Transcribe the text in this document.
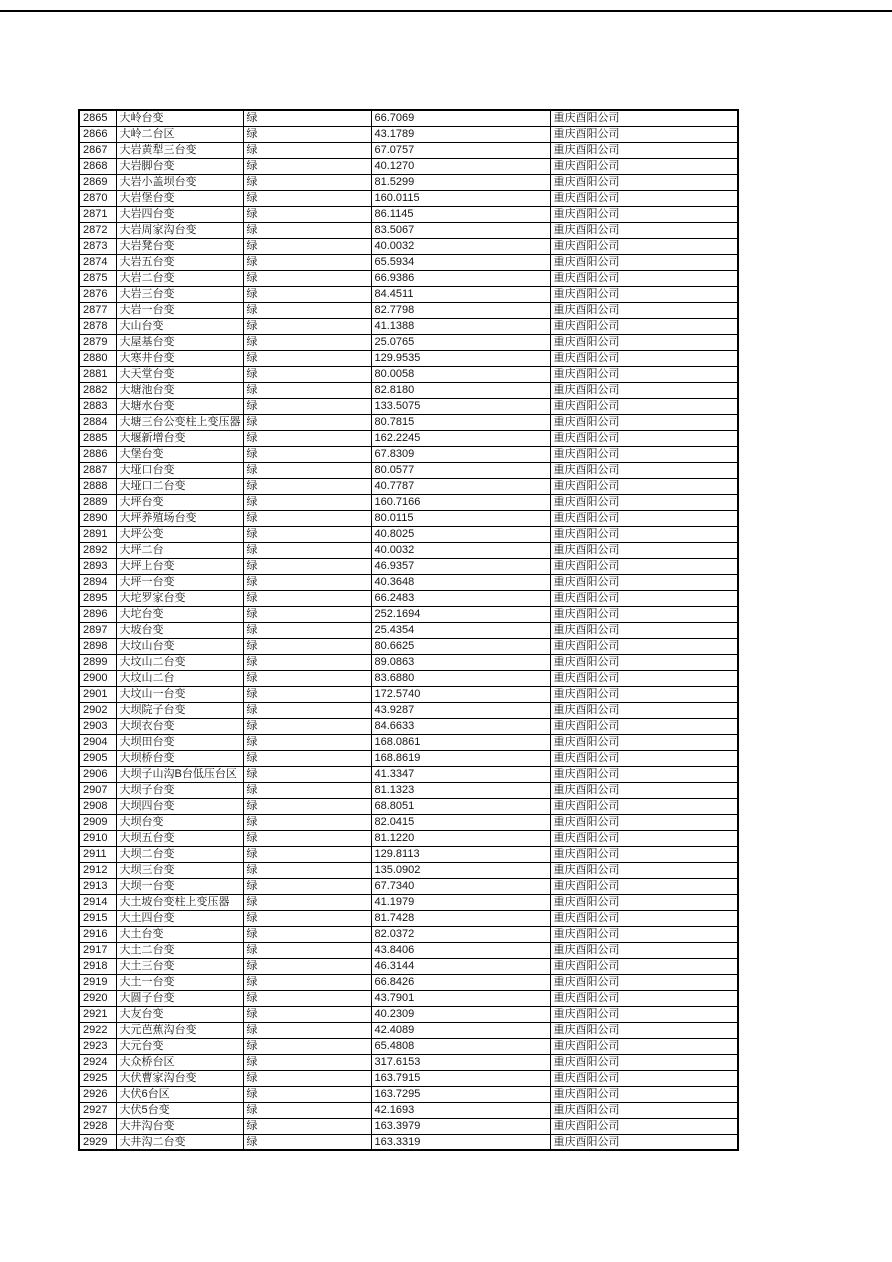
2865	大岭台变	绿	66.7069	重庆酉阳公司
2866	大岭二台区	绿	43.1789	重庆酉阳公司
2867	大岩黄犁三台变	绿	67.0757	重庆酉阳公司
2868	大岩脚台变	绿	40.1270	重庆酉阳公司
2869	大岩小盖坝台变	绿	81.5299	重庆酉阳公司
2870	大岩堡台变	绿	160.0115	重庆酉阳公司
2871	大岩四台变	绿	86.1145	重庆酉阳公司
2872	大岩周家沟台变	绿	83.5067	重庆酉阳公司
2873	大岩凳台变	绿	40.0032	重庆酉阳公司
2874	大岩五台变	绿	65.5934	重庆酉阳公司
2875	大岩二台变	绿	66.9386	重庆酉阳公司
2876	大岩三台变	绿	84.4511	重庆酉阳公司
2877	大岩一台变	绿	82.7798	重庆酉阳公司
2878	大山台变	绿	41.1388	重庆酉阳公司
2879	大屋基台变	绿	25.0765	重庆酉阳公司
2880	大寒井台变	绿	129.9535	重庆酉阳公司
2881	大天堂台变	绿	80.0058	重庆酉阳公司
2882	大塘池台变	绿	82.8180	重庆酉阳公司
2883	大塘水台变	绿	133.5075	重庆酉阳公司
2884	大塘三台公变柱上变压器	绿	80.7815	重庆酉阳公司
2885	大堰新增台变	绿	162.2245	重庆酉阳公司
2886	大堡台变	绿	67.8309	重庆酉阳公司
2887	大垭口台变	绿	80.0577	重庆酉阳公司
2888	大垭口二台变	绿	40.7787	重庆酉阳公司
2889	大坪台变	绿	160.7166	重庆酉阳公司
2890	大坪养殖场台变	绿	80.0115	重庆酉阳公司
2891	大坪公变	绿	40.8025	重庆酉阳公司
2892	大坪二台	绿	40.0032	重庆酉阳公司
2893	大坪上台变	绿	46.9357	重庆酉阳公司
2894	大坪一台变	绿	40.3648	重庆酉阳公司
2895	大坨罗家台变	绿	66.2483	重庆酉阳公司
2896	大坨台变	绿	252.1694	重庆酉阳公司
2897	大坡台变	绿	25.4354	重庆酉阳公司
2898	大坟山台变	绿	80.6625	重庆酉阳公司
2899	大坟山二台变	绿	89.0863	重庆酉阳公司
2900	大坟山二台	绿	83.6880	重庆酉阳公司
2901	大坟山一台变	绿	172.5740	重庆酉阳公司
2902	大坝院子台变	绿	43.9287	重庆酉阳公司
2903	大坝衣台变	绿	84.6633	重庆酉阳公司
2904	大坝田台变	绿	168.0861	重庆酉阳公司
2905	大坝桥台变	绿	168.8619	重庆酉阳公司
2906	大坝子山沟B台低压台区	绿	41.3347	重庆酉阳公司
2907	大坝子台变	绿	81.1323	重庆酉阳公司
2908	大坝四台变	绿	68.8051	重庆酉阳公司
2909	大坝台变	绿	82.0415	重庆酉阳公司
2910	大坝五台变	绿	81.1220	重庆酉阳公司
2911	大坝二台变	绿	129.8113	重庆酉阳公司
2912	大坝三台变	绿	135.0902	重庆酉阳公司
2913	大坝一台变	绿	67.7340	重庆酉阳公司
2914	大土坡台变柱上变压器	绿	41.1979	重庆酉阳公司
2915	大土四台变	绿	81.7428	重庆酉阳公司
2916	大土台变	绿	82.0372	重庆酉阳公司
2917	大土二台变	绿	43.8406	重庆酉阳公司
2918	大土三台变	绿	46.3144	重庆酉阳公司
2919	大土一台变	绿	66.8426	重庆酉阳公司
2920	大圆子台变	绿	43.7901	重庆酉阳公司
2921	大友台变	绿	40.2309	重庆酉阳公司
2922	大元芭蕉沟台变	绿	42.4089	重庆酉阳公司
2923	大元台变	绿	65.4808	重庆酉阳公司
2924	大众桥台区	绿	317.6153	重庆酉阳公司
2925	大伏曹家沟台变	绿	163.7915	重庆酉阳公司
2926	大伏6台区	绿	163.7295	重庆酉阳公司
2927	大伏5台变	绿	42.1693	重庆酉阳公司
2928	大井沟台变	绿	163.3979	重庆酉阳公司
2929	大井沟二台变	绿	163.3319	重庆酉阳公司
